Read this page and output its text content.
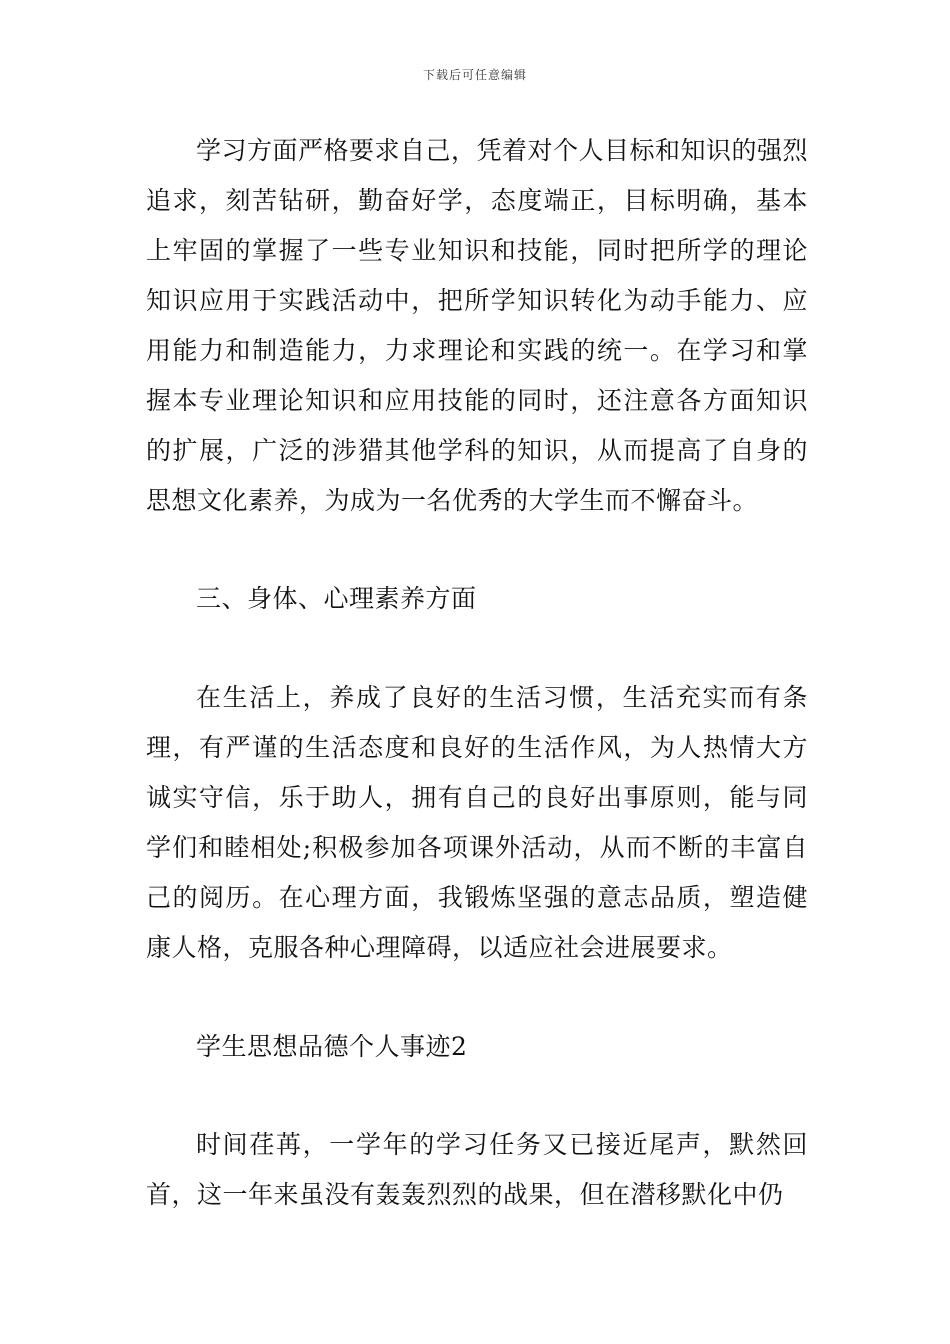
下载后可任意编辑

学习方面严格要求自己，凭着对个人目标和知识的强烈追求，刻苦钻研，勤奋好学，态度端正，目标明确，基本上牢固的掌握了一些专业知识和技能，同时把所学的理论知识应用于实践活动中，把所学知识转化为动手能力、应用能力和制造能力，力求理论和实践的统一。在学习和掌握本专业理论知识和应用技能的同时，还注意各方面知识的扩展，广泛的涉猎其他学科的知识，从而提高了自身的思想文化素养，为成为一名优秀的大学生而不懈奋斗。

三、身体、心理素养方面

在生活上，养成了良好的生活习惯，生活充实而有条理，有严谨的生活态度和良好的生活作风，为人热情大方诚实守信，乐于助人，拥有自己的良好出事原则，能与同学们和睦相处;积极参加各项课外活动，从而不断的丰富自己的阅历。在心理方面，我锻炼坚强的意志品质，塑造健康人格，克服各种心理障碍，以适应社会进展要求。

学生思想品德个人事迹2

时间荏苒，一学年的学习任务又已接近尾声，默然回首，这一年来虽没有轰轰烈烈的战果，但在潜移默化中仍
